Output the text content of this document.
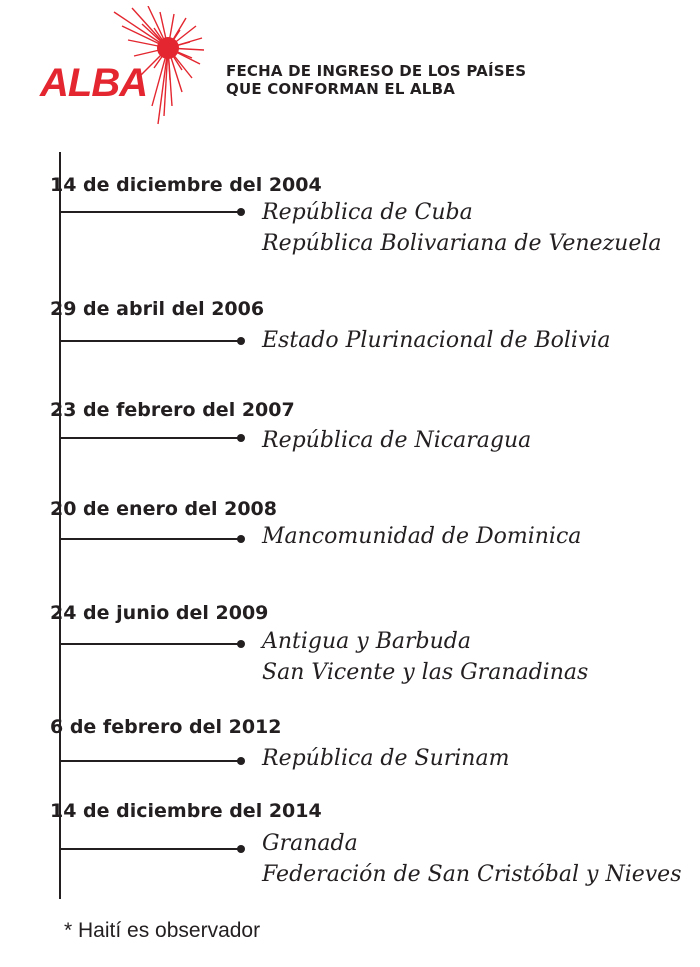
ALBA	FECHA DE INGRESO DE LOS PAÍSES
QUE CONFORMAN EL ALBA
14 de diciembre del 2004
República de Cuba
República Bolivariana de Venezuela
29 de abril del 2006
Estado Plurinacional de Bolivia
23 de febrero del 2007
República de Nicaragua
20 de enero del 2008
Mancomunidad de Dominica
24 de junio del 2009
Antigua y Barbuda
San Vicente y las Granadinas
6 de febrero del 2012
República de Surinam
14 de diciembre del 2014
Granada
Federación de San Cristóbal y Nieves
* Haití es observador
